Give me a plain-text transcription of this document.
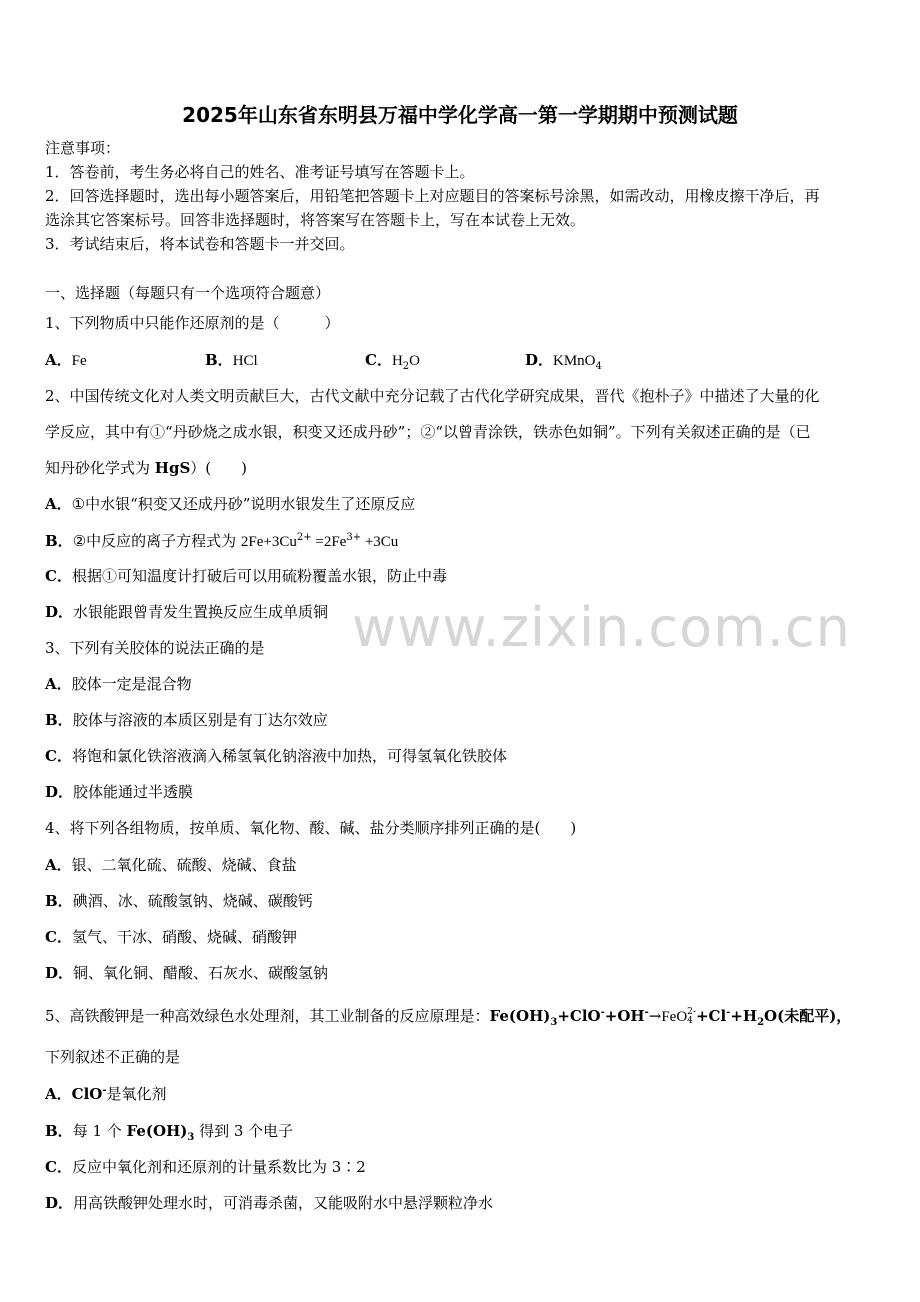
www.zixin.com.cn
2025年山东省东明县万福中学化学高一第一学期期中预测试题
注意事项：
1．答卷前，考生务必将自己的姓名、准考证号填写在答题卡上。
2．回答选择题时，选出每小题答案后，用铅笔把答题卡上对应题目的答案标号涂黑，如需改动，用橡皮擦干净后，再
选涂其它答案标号。回答非选择题时，将答案写在答题卡上，写在本试卷上无效。
3．考试结束后，将本试卷和答题卡一并交回。
一、选择题（每题只有一个选项符合题意）
1、下列物质中只能作还原剂的是（　　　）
A．Fe	B．HCl	C．$H_2O$	D．KMnO$_4$
2、中国传统文化对人类文明贡献巨大，古代文献中充分记载了古代化学研究成果，晋代《抱朴子》中描述了大量的化
学反应，其中有①“丹砂烧之成水银，积变又还成丹砂”；②“以曾青涂铁，铁赤色如铜”。下列有关叙述正确的是（已
知丹砂化学式为 HgS）(　　)
A．①中水银“积变又还成丹砂”说明水银发生了还原反应
B．②中反应的离子方程式为 $2Fe+3Cu^{2+} =2Fe^{3+} +3Cu$
C．根据①可知温度计打破后可以用硫粉覆盖水银，防止中毒
D．水银能跟曾青发生置换反应生成单质铜
3、下列有关胶体的说法正确的是
A．胶体一定是混合物
B．胶体与溶液的本质区别是有丁达尔效应
C．将饱和氯化铁溶液滴入稀氢氧化钠溶液中加热，可得氢氧化铁胶体
D．胶体能通过半透膜
4、将下列各组物质，按单质、氧化物、酸、碱、盐分类顺序排列正确的是(　　)
A．银、二氧化硫、硫酸、烧碱、食盐
B．碘酒、冰、硫酸氢钠、烧碱、碳酸钙
C．氢气、干冰、硝酸、烧碱、硝酸钾
D．铜、氧化铜、醋酸、石灰水、碳酸氢钠
5、高铁酸钾是一种高效绿色水处理剂，其工业制备的反应原理是：$Fe(OH)_3+ClO^-+OH^-\to FeO$ 2-
$4 +Cl^-+H_2O$(未配平)，
下列叙述不正确的是
A．ClO-是氧化剂
B．每 1 个 $Fe(OH)_3$ 得到 3 个电子
C．反应中氧化剂和还原剂的计量系数比为 3∶2
D．用高铁酸钾处理水时，可消毒杀菌，又能吸附水中悬浮颗粒净水
